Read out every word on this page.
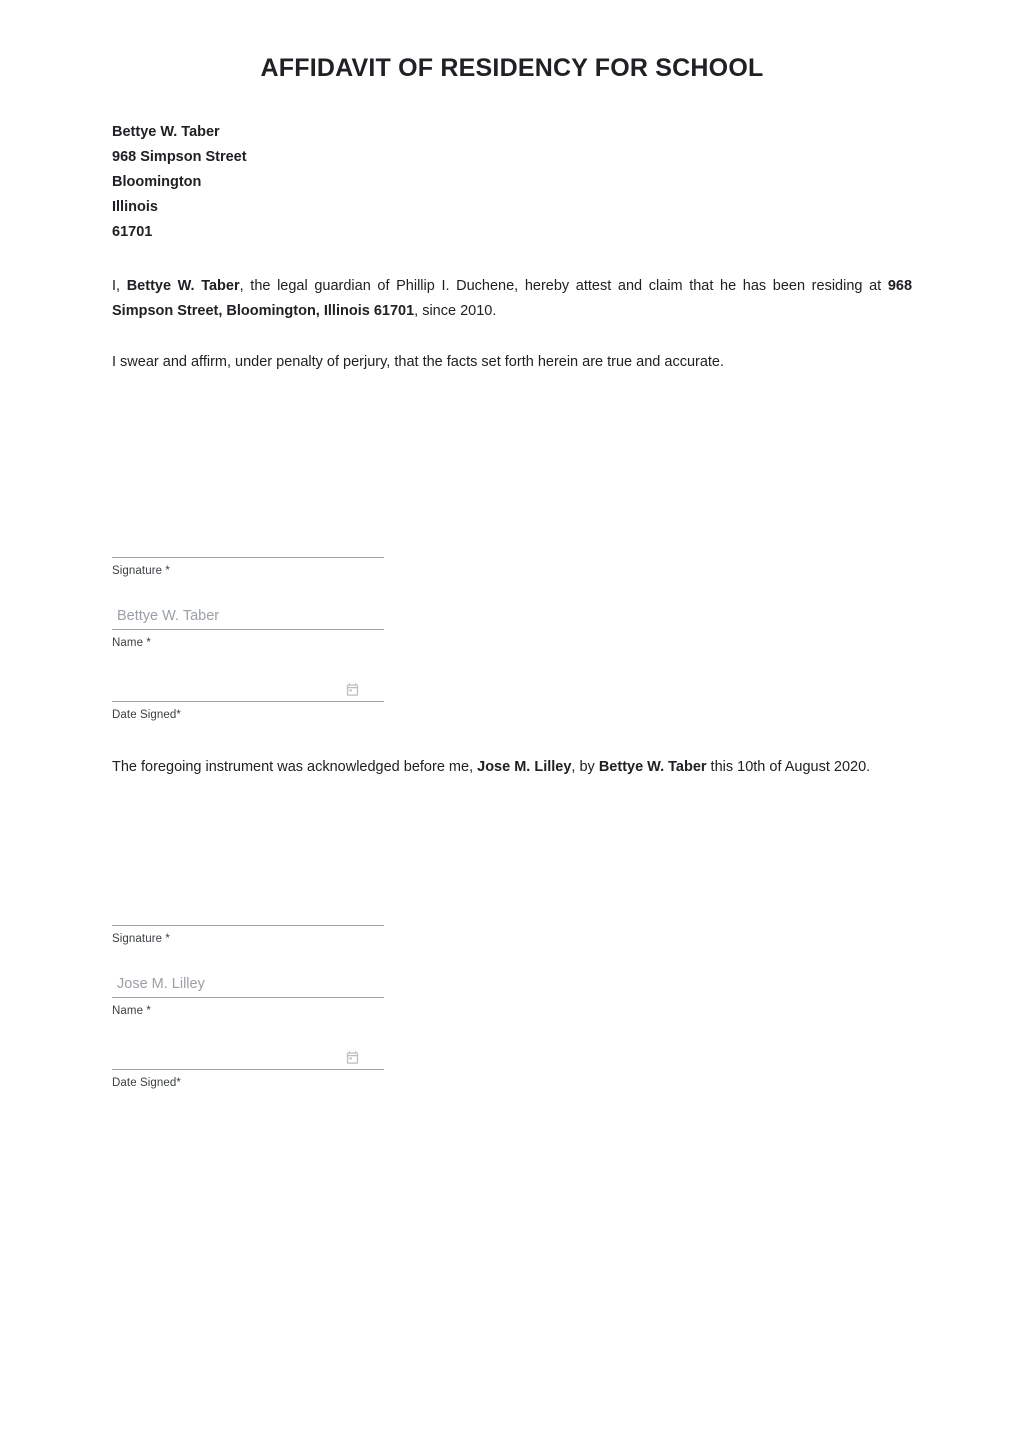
AFFIDAVIT OF RESIDENCY FOR SCHOOL
Bettye W. Taber
968 Simpson Street
Bloomington
Illinois
61701

I, Bettye W. Taber, the legal guardian of Phillip I. Duchene, hereby attest and claim that he has been residing at 968 Simpson Street, Bloomington, Illinois 61701, since 2010.

I swear and affirm, under penalty of perjury, that the facts set forth herein are true and accurate.

Signature *
Bettye W. Taber
Name *
Date Signed*

The foregoing instrument was acknowledged before me, Jose M. Lilley, by Bettye W. Taber this 10th of August 2020.

Signature *
Jose M. Lilley
Name *
Date Signed*
